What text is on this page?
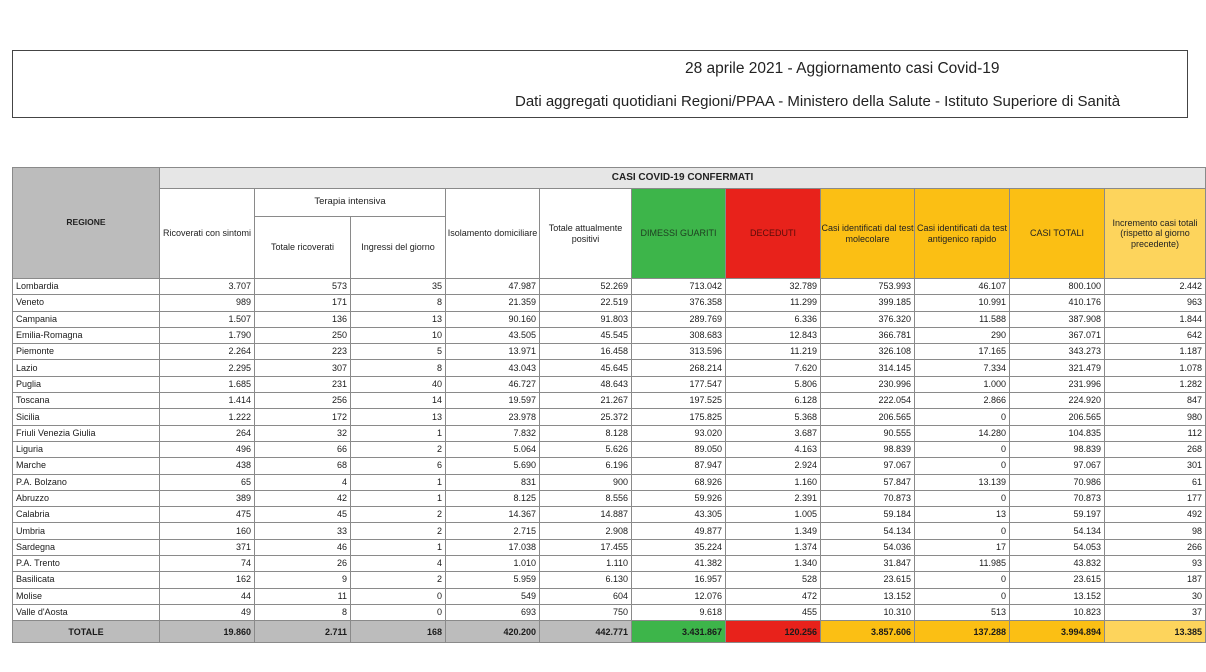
28 aprile 2021 - Aggiornamento casi Covid-19
Dati aggregati quotidiani Regioni/PPAA - Ministero della Salute - Istituto Superiore di Sanità
REGIONE	CASI COVID-19 CONFERMATI										
	Ricoverati con sintomi	Terapia intensiva		Isolamento domiciliare	Totale attualmente positivi	DIMESSI GUARITI	DECEDUTI	Casi identificati dal test molecolare	Casi identificati da test antigenico rapido	CASI TOTALI	Incremento casi totali (rispetto al giorno precedente)
		Totale ricoverati	Ingressi del giorno								
Lombardia	3.707	573	35	47.987	52.269	713.042	32.789	753.993	46.107	800.100	2.442
Veneto	989	171	8	21.359	22.519	376.358	11.299	399.185	10.991	410.176	963
Campania	1.507	136	13	90.160	91.803	289.769	6.336	376.320	11.588	387.908	1.844
Emilia-Romagna	1.790	250	10	43.505	45.545	308.683	12.843	366.781	290	367.071	642
Piemonte	2.264	223	5	13.971	16.458	313.596	11.219	326.108	17.165	343.273	1.187
Lazio	2.295	307	8	43.043	45.645	268.214	7.620	314.145	7.334	321.479	1.078
Puglia	1.685	231	40	46.727	48.643	177.547	5.806	230.996	1.000	231.996	1.282
Toscana	1.414	256	14	19.597	21.267	197.525	6.128	222.054	2.866	224.920	847
Sicilia	1.222	172	13	23.978	25.372	175.825	5.368	206.565	0	206.565	980
Friuli Venezia Giulia	264	32	1	7.832	8.128	93.020	3.687	90.555	14.280	104.835	112
Liguria	496	66	2	5.064	5.626	89.050	4.163	98.839	0	98.839	268
Marche	438	68	6	5.690	6.196	87.947	2.924	97.067	0	97.067	301
P.A. Bolzano	65	4	1	831	900	68.926	1.160	57.847	13.139	70.986	61
Abruzzo	389	42	1	8.125	8.556	59.926	2.391	70.873	0	70.873	177
Calabria	475	45	2	14.367	14.887	43.305	1.005	59.184	13	59.197	492
Umbria	160	33	2	2.715	2.908	49.877	1.349	54.134	0	54.134	98
Sardegna	371	46	1	17.038	17.455	35.224	1.374	54.036	17	54.053	266
P.A. Trento	74	26	4	1.010	1.110	41.382	1.340	31.847	11.985	43.832	93
Basilicata	162	9	2	5.959	6.130	16.957	528	23.615	0	23.615	187
Molise	44	11	0	549	604	12.076	472	13.152	0	13.152	30
Valle d'Aosta	49	8	0	693	750	9.618	455	10.310	513	10.823	37
TOTALE	19.860	2.711	168	420.200	442.771	3.431.867	120.256	3.857.606	137.288	3.994.894	13.385
